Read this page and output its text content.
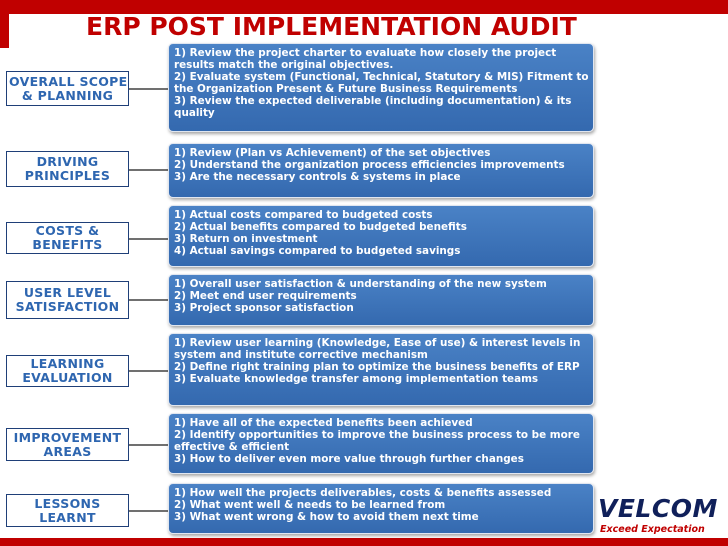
ERP POST IMPLEMENTATION AUDIT
OVERALL SCOPE
& PLANNING

1) Review the project charter to evaluate how closely the project results match the original objectives.

2) Evaluate system (Functional, Technical, Statutory & MIS) Fitment to the Organization Present & Future Business Requirements

3) Review the expected deliverable (including documentation) & its quality

DRIVING
PRINCIPLES

1) Review (Plan vs Achievement) of the set objectives

2) Understand the organization process efficiencies improvements

3) Are the necessary controls & systems in place

COSTS &
BENEFITS

1) Actual costs compared to budgeted costs

2) Actual benefits compared to budgeted benefits

3) Return on investment

4) Actual savings compared to budgeted savings

USER LEVEL
SATISFACTION

1) Overall user satisfaction & understanding of the new system

2) Meet end user requirements

3) Project sponsor satisfaction

LEARNING
EVALUATION

1) Review user learning (Knowledge, Ease of use) & interest levels in system and institute corrective mechanism

2) Define right training plan to optimize the business benefits of ERP

3) Evaluate knowledge transfer among implementation teams

IMPROVEMENT
AREAS

1) Have all of the expected benefits been achieved

2) Identify opportunities to improve the business process to be more effective & efficient

3) How to deliver even more value through further changes

LESSONS
LEARNT

1) How well the projects deliverables, costs & benefits assessed

2) What went well & needs to be learned from

3) What went wrong & how to avoid them next time	VELCOM
Exceed Expectation
